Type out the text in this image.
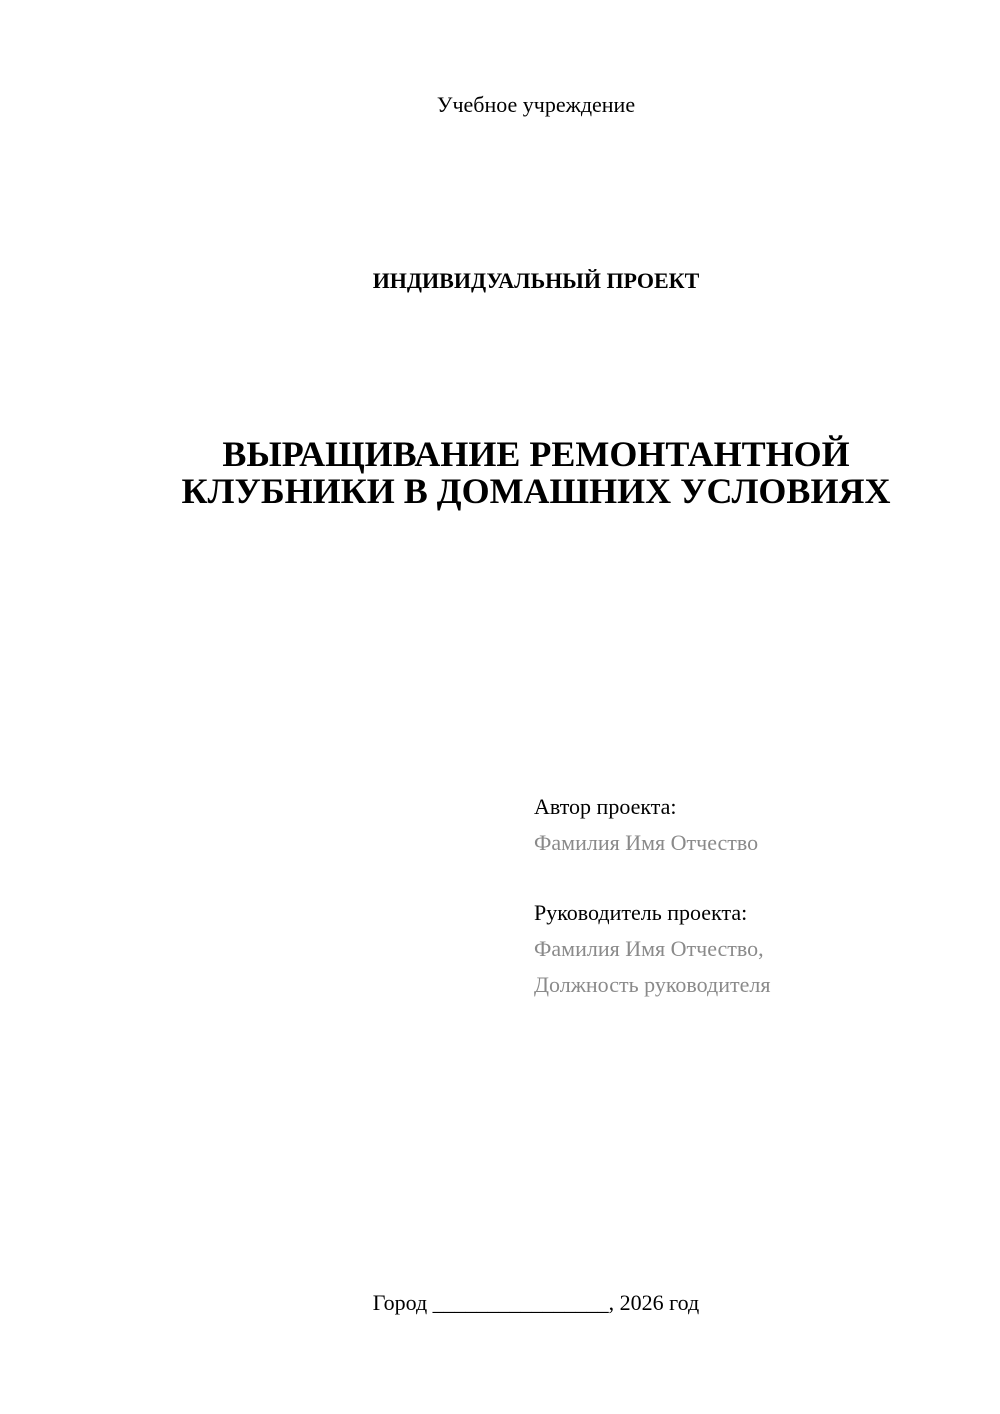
Учебное учреждение
ИНДИВИДУАЛЬНЫЙ ПРОЕКТ
ВЫРАЩИВАНИЕ РЕМОНТАНТНОЙ
КЛУБНИКИ В ДОМАШНИХ УСЛОВИЯХ
Автор проекта:
Фамилия Имя Отчество
Руководитель проекта:
Фамилия Имя Отчество,
Должность руководителя
Город ________________, 2026 год
